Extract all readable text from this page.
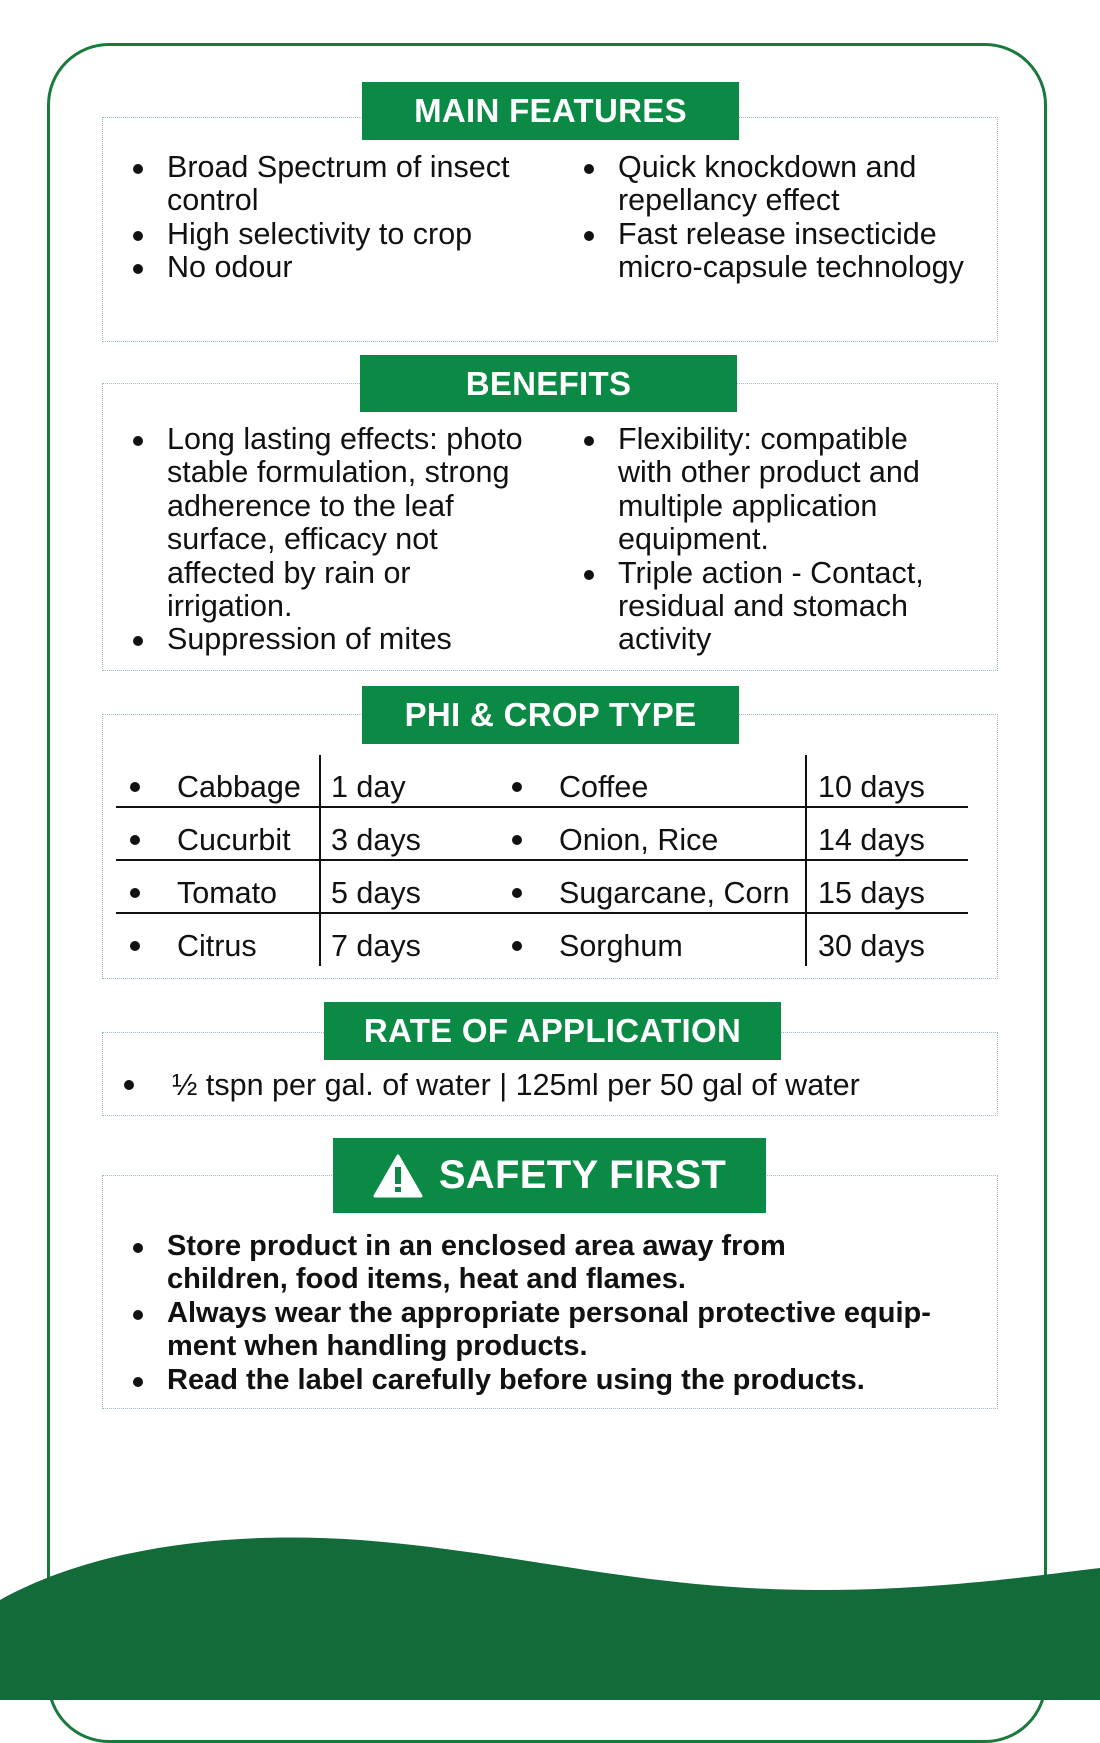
MAIN FEATURES
Broad Spectrum of insect control
High selectivity to crop
No odour
Quick knockdown and repellancy effect
Fast release insecticide micro-capsule technology
BENEFITS
Long lasting effects: photo stable formulation, strong adherence to the leaf surface, efficacy not affected by rain or irrigation.
Suppression of mites
Flexibility: compatible with other product and multiple application equipment.
Triple action - Contact, residual and stomach activity
PHI & CROP TYPE
Cabbage 1 day	Coffee	10 days
Cucurbit 3 days	Onion, Rice	14 days
Tomato 5 days	Sugarcane, Corn 15 days
Citrus 7 days	Sorghum	30 days
RATE OF APPLICATION
½ tspn per gal. of water | 125ml per 50 gal of water
SAFETY FIRST
Store product in an enclosed area away from children, food items, heat and flames.
Always wear the appropriate personal protective equip- ment when handling products.
Read the label carefully before using the products.
